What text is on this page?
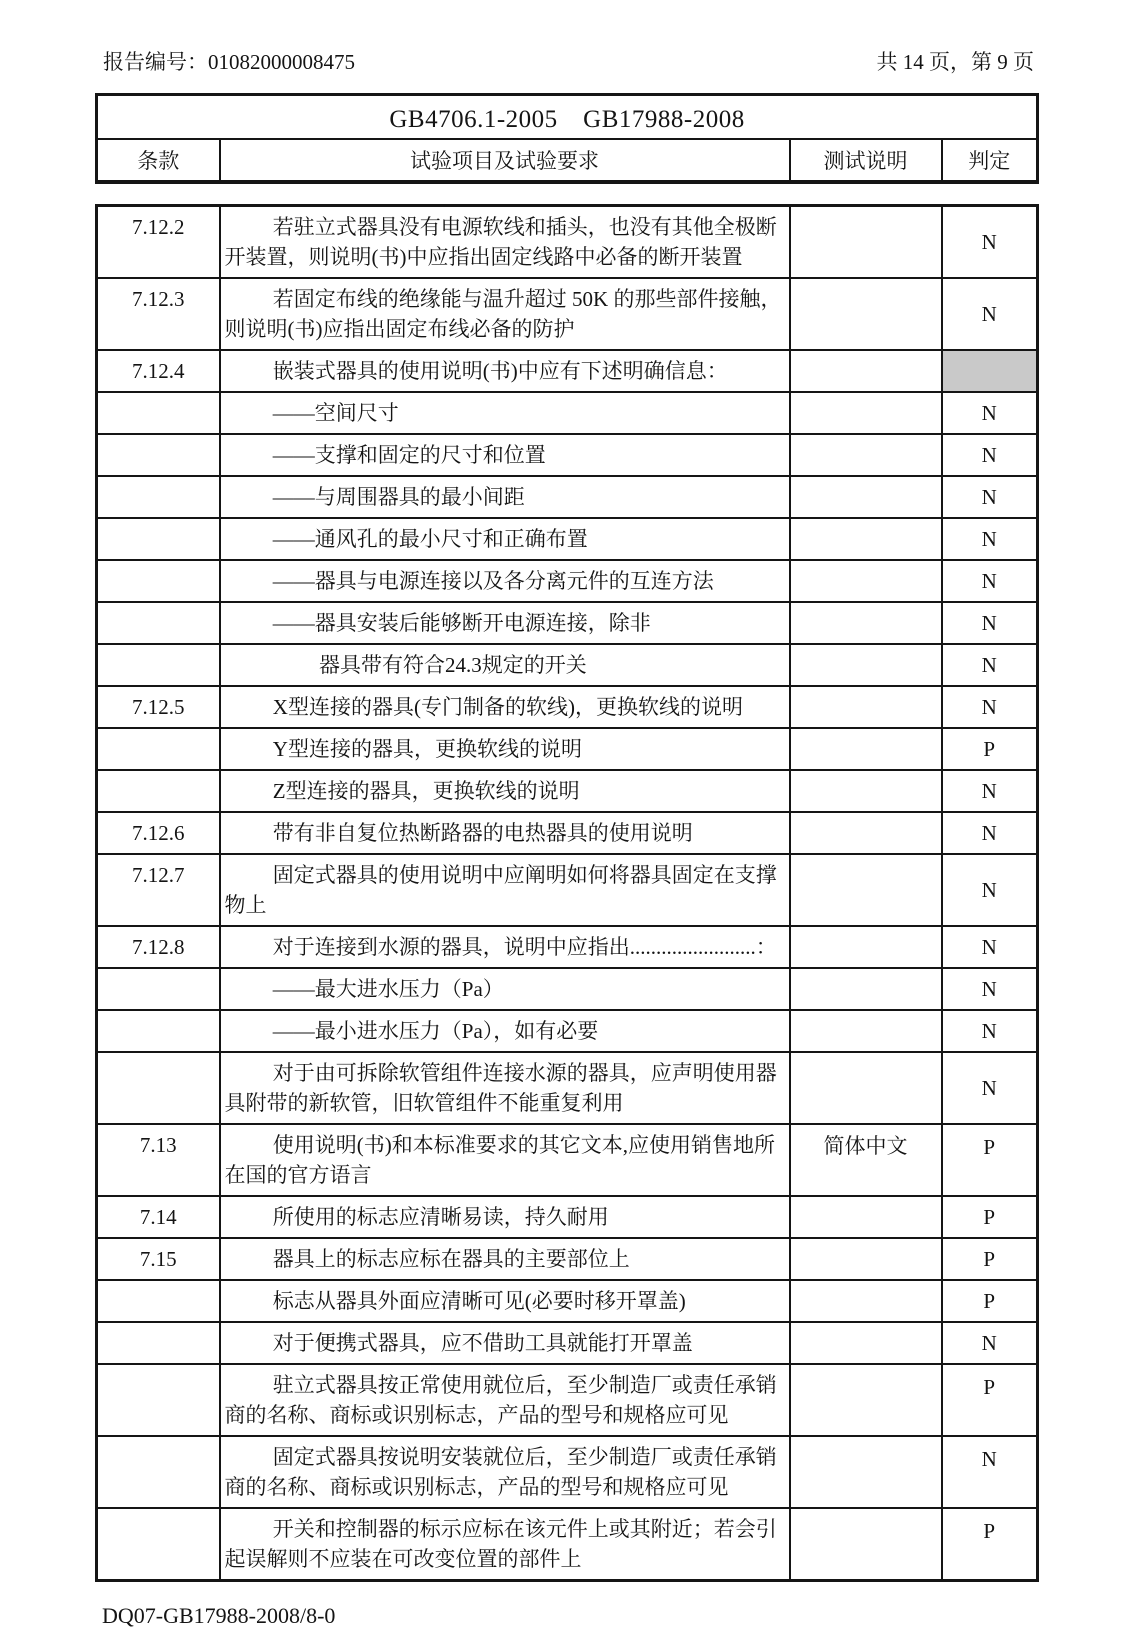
报告编号：01082000008475	共 14 页，第 9 页
GB4706.1-2005　GB17988-2008
条款	试验项目及试验要求	测试说明	判定
7.12.2	若驻立式器具没有电源软线和插头，也没有其他全极断开装置，则说明(书)中应指出固定线路中必备的断开装置		N
7.12.3	若固定布线的绝缘能与温升超过 50K 的那些部件接触，则说明(书)应指出固定布线必备的防护		N
7.12.4	嵌装式器具的使用说明(书)中应有下述明确信息：		
	——空间尺寸		N
	——支撑和固定的尺寸和位置		N
	——与周围器具的最小间距		N
	——通风孔的最小尺寸和正确布置		N
	——器具与电源连接以及各分离元件的互连方法		N
	——器具安装后能够断开电源连接，除非		N
	器具带有符合24.3规定的开关		N
7.12.5	X型连接的器具(专门制备的软线)，更换软线的说明		N
	Y型连接的器具，更换软线的说明		P
	Z型连接的器具，更换软线的说明		N
7.12.6	带有非自复位热断路器的电热器具的使用说明		N
7.12.7	固定式器具的使用说明中应阐明如何将器具固定在支撑物上		N
7.12.8	对于连接到水源的器具，说明中应指出........................：		N
	——最大进水压力（Pa）		N
	——最小进水压力（Pa），如有必要		N
	对于由可拆除软管组件连接水源的器具，应声明使用器具附带的新软管，旧软管组件不能重复利用		N
7.13	使用说明(书)和本标准要求的其它文本,应使用销售地所在国的官方语言	简体中文	P
7.14	所使用的标志应清晰易读，持久耐用		P
7.15	器具上的标志应标在器具的主要部位上		P
	标志从器具外面应清晰可见(必要时移开罩盖)		P
	对于便携式器具，应不借助工具就能打开罩盖		N
	驻立式器具按正常使用就位后，至少制造厂或责任承销商的名称、商标或识别标志，产品的型号和规格应可见		P
	固定式器具按说明安装就位后，至少制造厂或责任承销商的名称、商标或识别标志，产品的型号和规格应可见		N
	开关和控制器的标示应标在该元件上或其附近；若会引起误解则不应装在可改变位置的部件上		P
DQ07-GB17988-2008/8-0
